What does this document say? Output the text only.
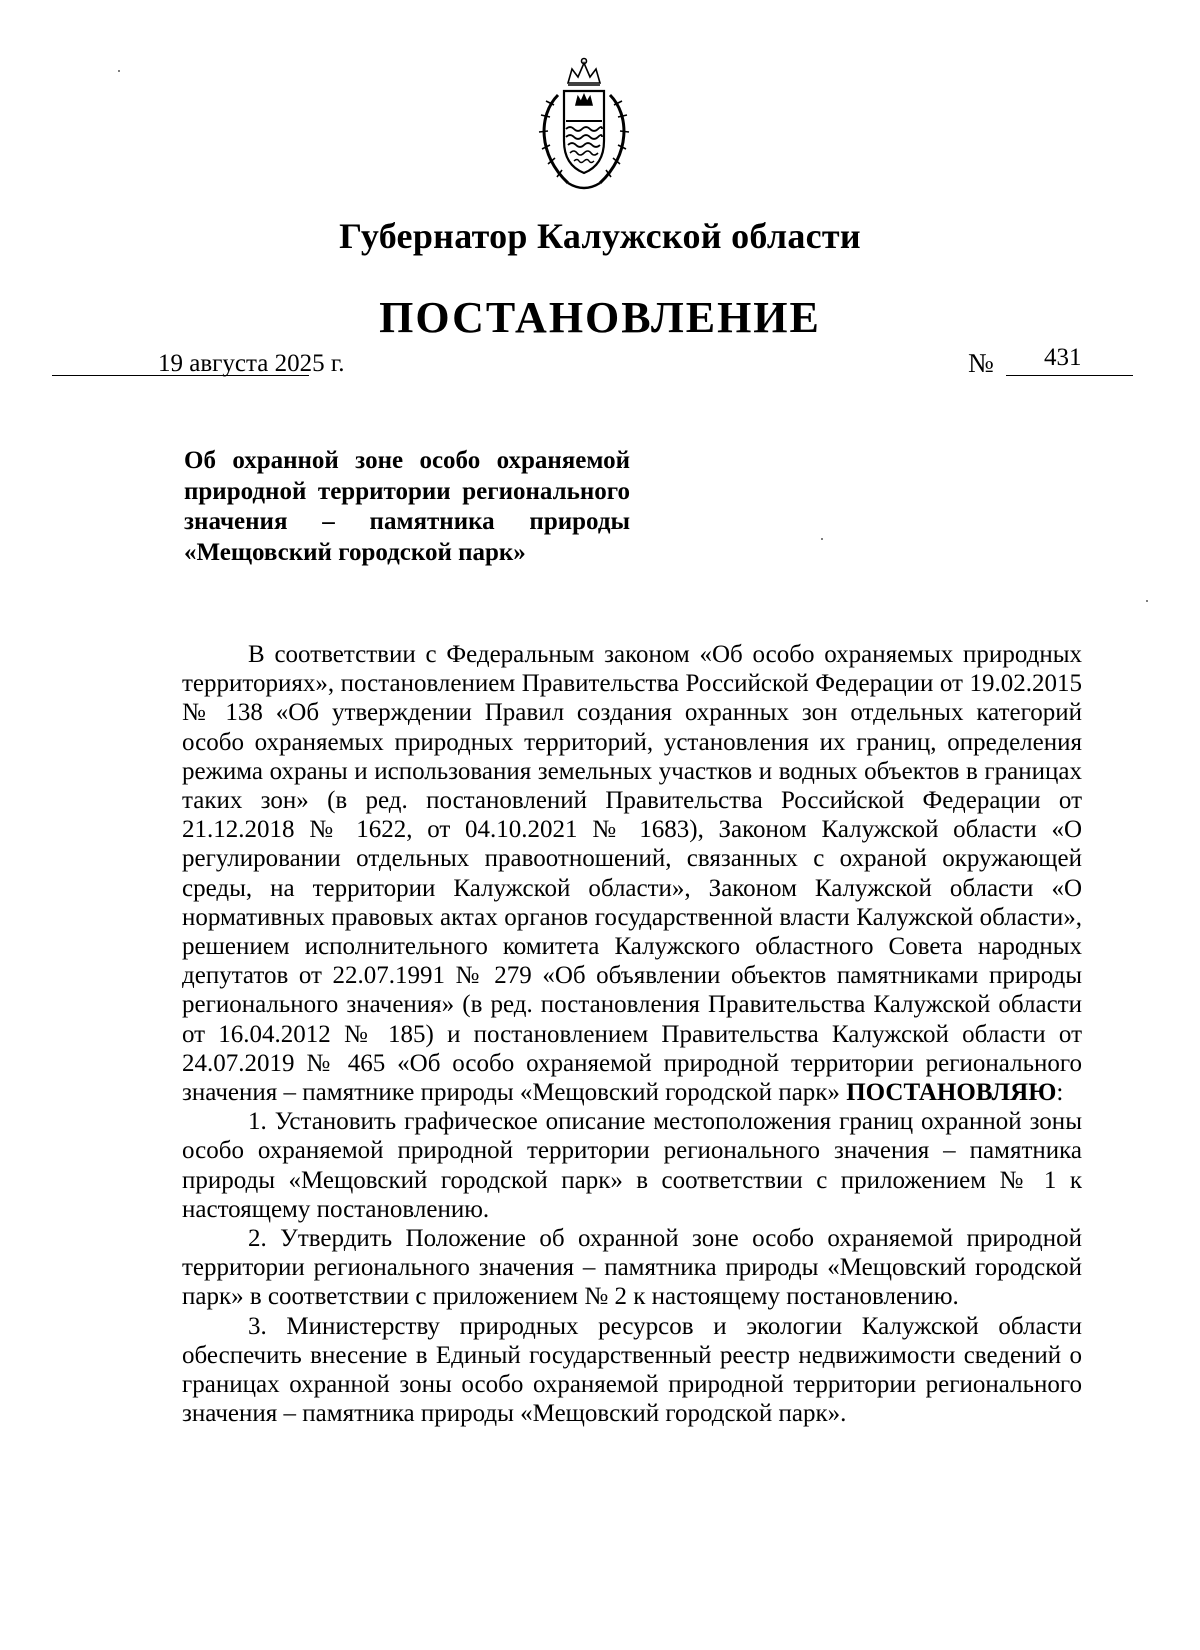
Губернатор Калужской области
ПОСТАНОВЛЕНИЕ
19 августа 2025 г.	№ 431
Об охранной зоне особо охраняемой
природной территории регионального
значения – памятника природы
«Мещовский городской парк»

В соответствии с Федеральным законом «Об особо охраняемых природных территориях», постановлением Правительства Российской Федерации от 19.02.2015 № 138 «Об утверждении Правил создания охранных зон отдельных категорий особо охраняемых природных территорий, установления их границ, определения режима охраны и использования земельных участков и водных объектов в границах таких зон» (в ред. постановлений Правительства Российской Федерации от 21.12.2018 № 1622, от 04.10.2021 № 1683), Законом Калужской области «О регулировании отдельных правоотношений, связанных с охраной окружающей среды, на территории Калужской области», Законом Калужской области «О нормативных правовых актах органов государственной власти Калужской области», решением исполнительного комитета Калужского областного Совета народных депутатов от 22.07.1991 № 279 «Об объявлении объектов памятниками природы регионального значения» (в ред. постановления Правительства Калужской области от 16.04.2012 № 185) и постановлением Правительства Калужской области от 24.07.2019 № 465 «Об особо охраняемой природной территории регионального значения – памятнике природы «Мещовский городской парк» ПОСТАНОВЛЯЮ:

1. Установить графическое описание местоположения границ охранной зоны особо охраняемой природной территории регионального значения – памятника природы «Мещовский городской парк» в соответствии с приложением № 1 к настоящему постановлению.

2. Утвердить Положение об охранной зоне особо охраняемой природной территории регионального значения – памятника природы «Мещовский городской парк» в соответствии с приложением № 2 к настоящему постановлению.

3. Министерству природных ресурсов и экологии Калужской области обеспечить внесение в Единый государственный реестр недвижимости сведений о границах охранной зоны особо охраняемой природной территории регионального значения – памятника природы «Мещовский городской парк».
